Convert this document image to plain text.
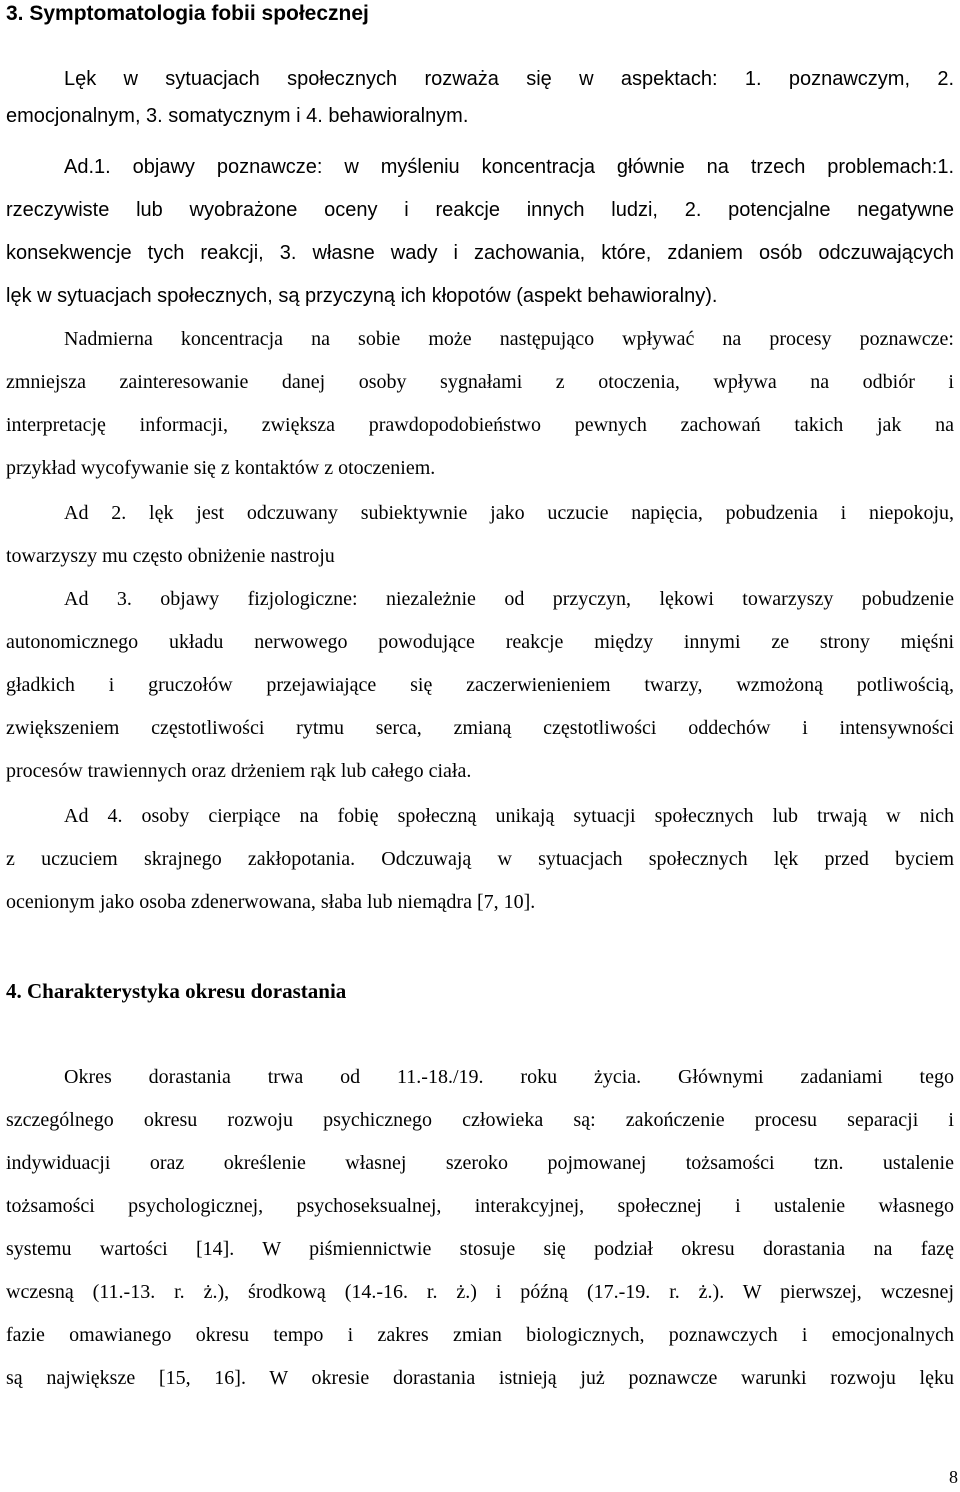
3. Symptomatologia fobii społecznej
Lęk w sytuacjach społecznych rozważa się w aspektach: 1. poznawczym, 2.
emocjonalnym, 3. somatycznym i 4. behawioralnym.
Ad.1. objawy poznawcze: w myśleniu koncentracja głównie na trzech problemach:1.
rzeczywiste lub wyobrażone oceny i reakcje innych ludzi, 2. potencjalne negatywne
konsekwencje tych reakcji, 3. własne wady i zachowania, które, zdaniem osób odczuwających
lęk w sytuacjach społecznych, są przyczyną ich kłopotów (aspekt behawioralny).
Nadmierna koncentracja na sobie może następująco wpływać na procesy poznawcze:
zmniejsza zainteresowanie danej osoby sygnałami z otoczenia, wpływa na odbiór i
interpretację informacji, zwiększa prawdopodobieństwo pewnych zachowań takich jak na
przykład wycofywanie się z kontaktów z otoczeniem.
Ad 2. lęk jest odczuwany subiektywnie jako uczucie napięcia, pobudzenia i niepokoju,
towarzyszy mu często obniżenie nastroju
Ad 3. objawy fizjologiczne: niezależnie od przyczyn, lękowi towarzyszy pobudzenie
autonomicznego układu nerwowego powodujące reakcje między innymi ze strony mięśni
gładkich i gruczołów przejawiające się zaczerwienieniem twarzy, wzmożoną potliwością,
zwiększeniem częstotliwości rytmu serca, zmianą częstotliwości oddechów i intensywności
procesów trawiennych oraz drżeniem rąk lub całego ciała.
Ad 4. osoby cierpiące na fobię społeczną unikają sytuacji społecznych lub trwają w nich
z uczuciem skrajnego zakłopotania. Odczuwają w sytuacjach społecznych lęk przed byciem
ocenionym jako osoba zdenerwowana, słaba lub niemądra [7, 10].
4. Charakterystyka okresu dorastania
Okres dorastania trwa od 11.-18./19. roku życia. Głównymi zadaniami tego
szczególnego okresu rozwoju psychicznego człowieka są: zakończenie procesu separacji i
indywiduacji oraz określenie własnej szeroko pojmowanej tożsamości tzn. ustalenie
tożsamości psychologicznej, psychoseksualnej, interakcyjnej, społecznej i ustalenie własnego
systemu wartości [14]. W piśmiennictwie stosuje się podział okresu dorastania na fazę
wczesną (11.-13. r. ż.), środkową (14.-16. r. ż.) i późną (17.-19. r. ż.). W pierwszej, wczesnej
fazie omawianego okresu tempo i zakres zmian biologicznych, poznawczych i emocjonalnych
są największe [15, 16]. W okresie dorastania istnieją już poznawcze warunki rozwoju lęku
8
